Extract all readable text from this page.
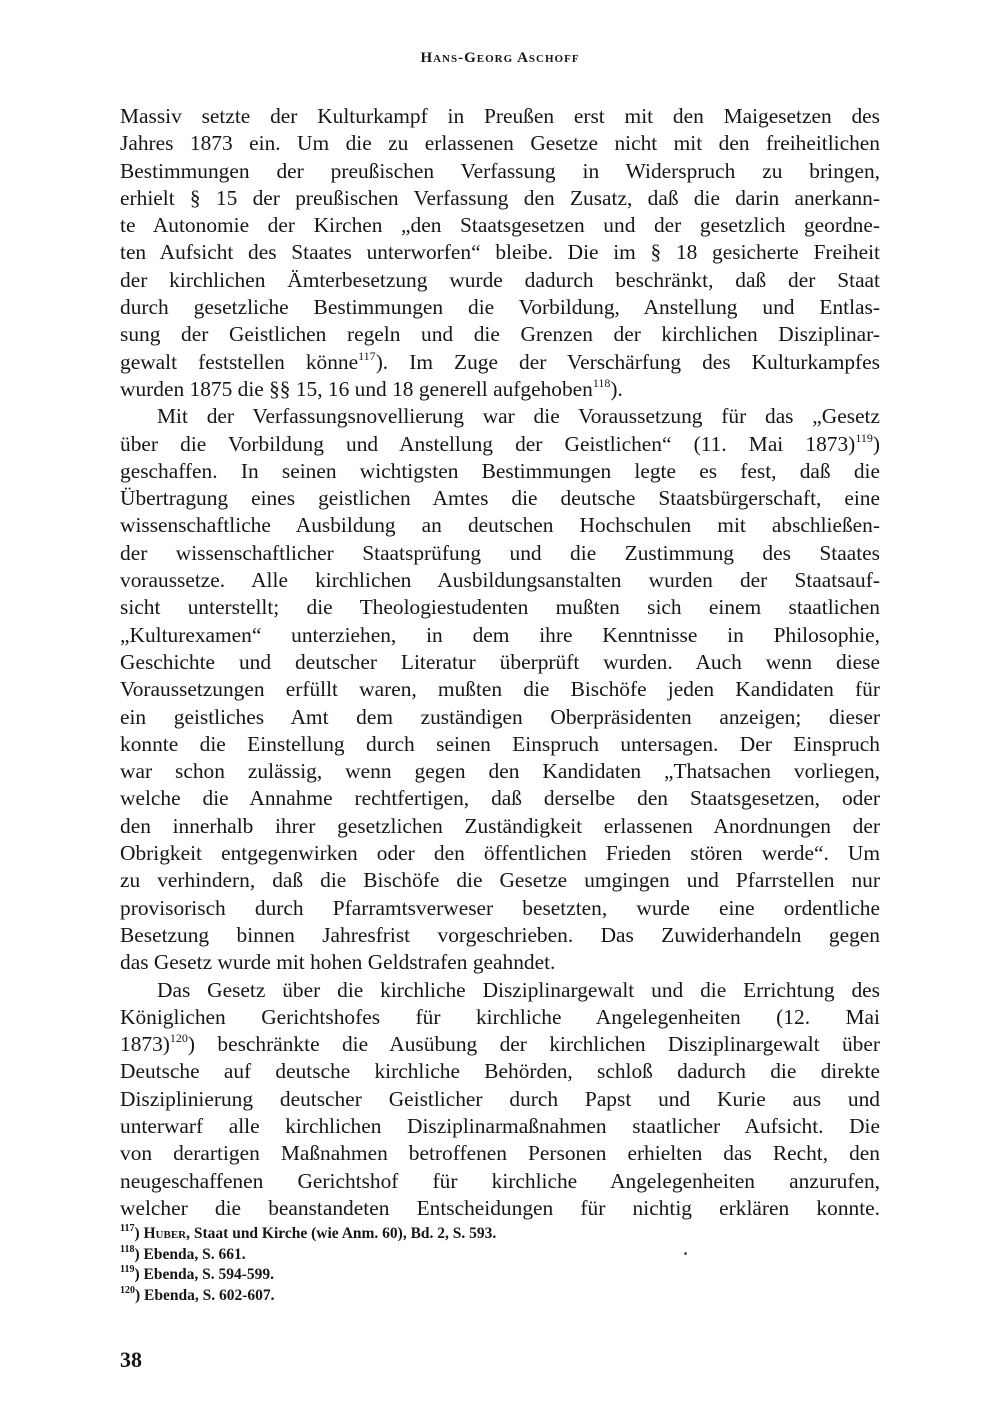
Hans-Georg Aschoff
Massiv setzte der Kulturkampf in Preußen erst mit den Maigesetzen des
Jahres 1873 ein. Um die zu erlassenen Gesetze nicht mit den freiheitlichen
Bestimmungen der preußischen Verfassung in Widerspruch zu bringen,
erhielt § 15 der preußischen Verfassung den Zusatz, daß die darin anerkann-
te Autonomie der Kirchen „den Staatsgesetzen und der gesetzlich geordne-
ten Aufsicht des Staates unterworfen“ bleibe. Die im § 18 gesicherte Freiheit
der kirchlichen Ämterbesetzung wurde dadurch beschränkt, daß der Staat
durch gesetzliche Bestimmungen die Vorbildung, Anstellung und Entlas-
sung der Geistlichen regeln und die Grenzen der kirchlichen Disziplinar-
gewalt feststellen könne$^{117}$). Im Zuge der Verschärfung des Kulturkampfes
wurden 1875 die §§ 15, 16 und 18 generell aufgehoben$^{118}$).
Mit der Verfassungsnovellierung war die Voraussetzung für das „Gesetz
über die Vorbildung und Anstellung der Geistlichen“ (11. Mai 1873)$^{119}$)
geschaffen. In seinen wichtigsten Bestimmungen legte es fest, daß die
Übertragung eines geistlichen Amtes die deutsche Staatsbürgerschaft, eine
wissenschaftliche Ausbildung an deutschen Hochschulen mit abschließen-
der wissenschaftlicher Staatsprüfung und die Zustimmung des Staates
voraussetze. Alle kirchlichen Ausbildungsanstalten wurden der Staatsauf-
sicht unterstellt; die Theologiestudenten mußten sich einem staatlichen
„Kulturexamen“ unterziehen, in dem ihre Kenntnisse in Philosophie,
Geschichte und deutscher Literatur überprüft wurden. Auch wenn diese
Voraussetzungen erfüllt waren, mußten die Bischöfe jeden Kandidaten für
ein geistliches Amt dem zuständigen Oberpräsidenten anzeigen; dieser
konnte die Einstellung durch seinen Einspruch untersagen. Der Einspruch
war schon zulässig, wenn gegen den Kandidaten „Thatsachen vorliegen,
welche die Annahme rechtfertigen, daß derselbe den Staatsgesetzen, oder
den innerhalb ihrer gesetzlichen Zuständigkeit erlassenen Anordnungen der
Obrigkeit entgegenwirken oder den öffentlichen Frieden stören werde“. Um
zu verhindern, daß die Bischöfe die Gesetze umgingen und Pfarrstellen nur
provisorisch durch Pfarramtsverweser besetzten, wurde eine ordentliche
Besetzung binnen Jahresfrist vorgeschrieben. Das Zuwiderhandeln gegen
das Gesetz wurde mit hohen Geldstrafen geahndet.
Das Gesetz über die kirchliche Disziplinargewalt und die Errichtung des
Königlichen Gerichtshofes für kirchliche Angelegenheiten (12. Mai
1873)$^{120}$) beschränkte die Ausübung der kirchlichen Disziplinargewalt über
Deutsche auf deutsche kirchliche Behörden, schloß dadurch die direkte
Disziplinierung deutscher Geistlicher durch Papst und Kurie aus und
unterwarf alle kirchlichen Disziplinarmaßnahmen staatlicher Aufsicht. Die
von derartigen Maßnahmen betroffenen Personen erhielten das Recht, den
neugeschaffenen Gerichtshof für kirchliche Angelegenheiten anzurufen,
welcher die beanstandeten Entscheidungen für nichtig erklären konnte.
$^{117}$) Huber, Staat und Kirche (wie Anm. 60), Bd. 2, S. 593.
$^{118}$) Ebenda, S. 661.
$^{119}$) Ebenda, S. 594-599.
$^{120}$) Ebenda, S. 602-607.
38
